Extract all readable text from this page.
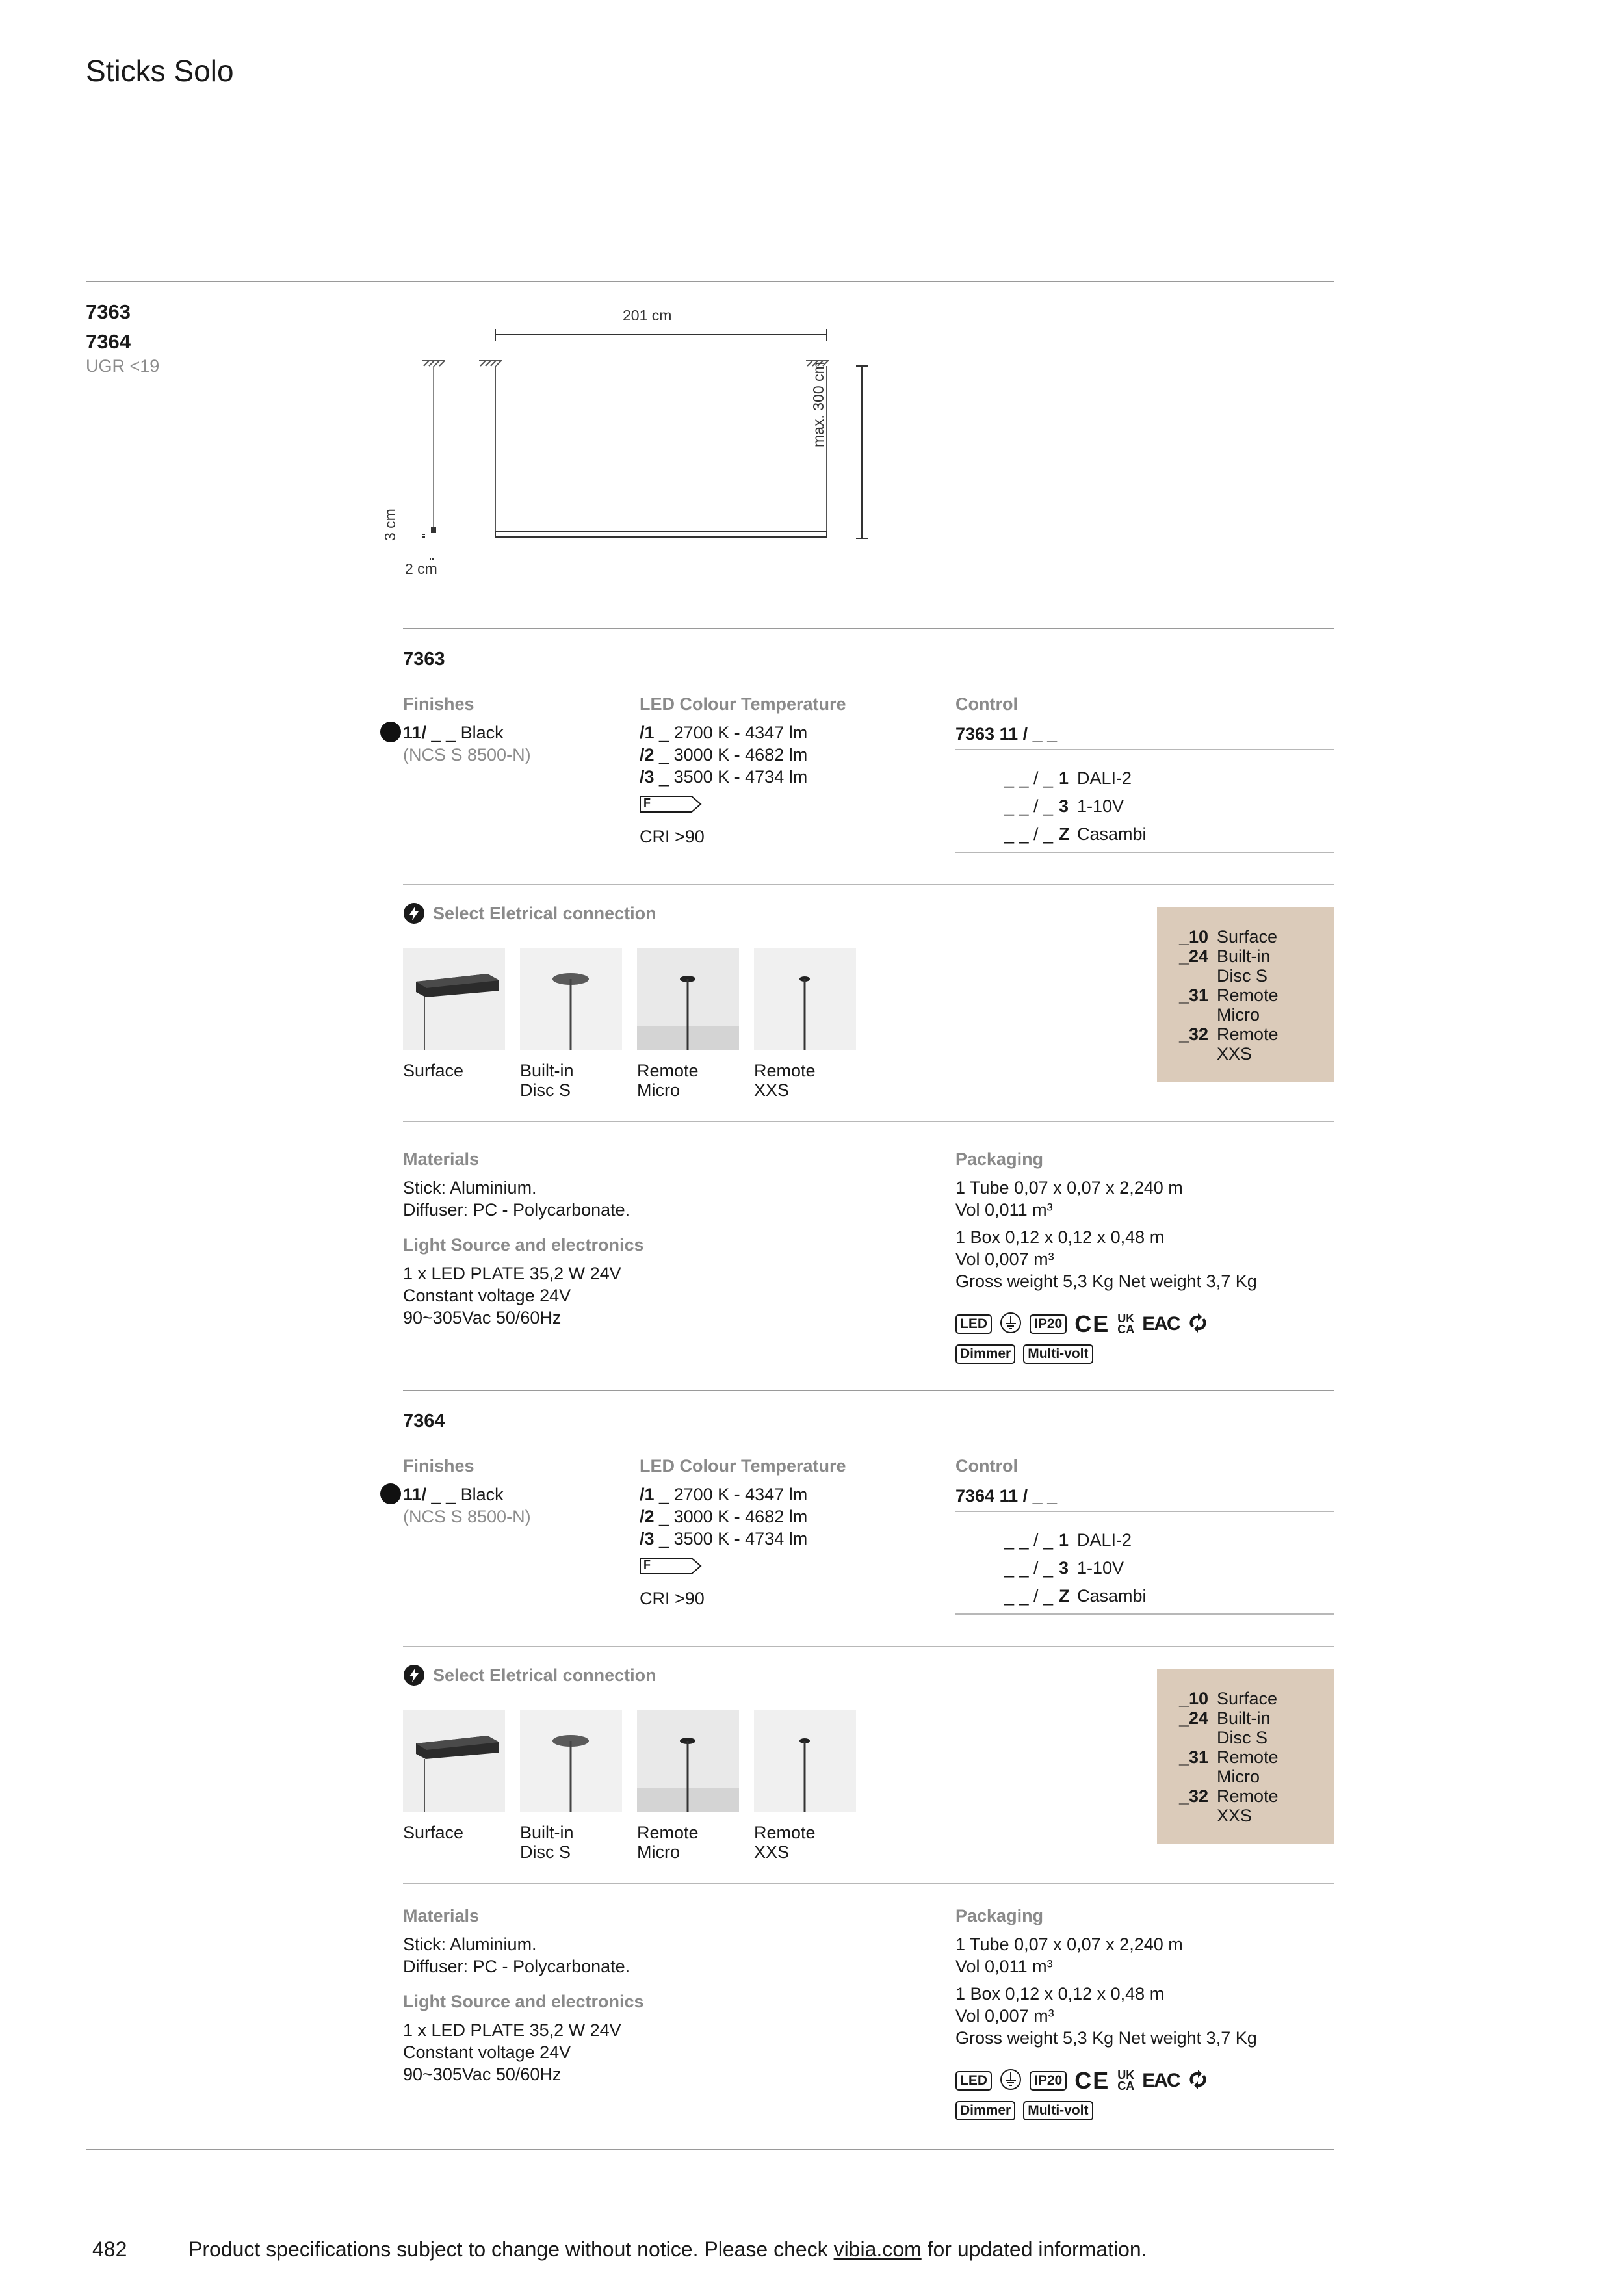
Sticks Solo
7363
7364
UGR <19
201 cm
max. 300 cm
3 cm
2 cm
7363
Finishes
11/ _ _ Black
(NCS S 8500-N)
LED Colour Temperature
/1 _ 2700 K - 4347 lm
/2 _ 3000 K - 4682 lm
/3 _ 3500 K - 4734 lm
F
CRI >90
Control
7363 11 / _ _
_ _ / _ 1 DALI-2
_ _ / _ 3 1-10V
_ _ / _ Z Casambi
Select Eletrical connection
Surface	Built-in
Disc S
Remote
Micro
Remote
XXS
_10 Surface
_24 Built-in
Disc S
_31 Remote
Micro
_32 Remote
XXS
Materials
Stick: Aluminium.
Diffuser: PC - Polycarbonate.
Light Source and electronics
1 x LED PLATE 35,2 W 24V
Constant voltage 24V
90~305Vac 50/60Hz
Packaging
1 Tube 0,07 x 0,07 x 2,240 m
Vol 0,011 m³
1 Box 0,12 x 0,12 x 0,48 m
Vol 0,007 m³
Gross weight 5,3 Kg Net weight 3,7 Kg
LED	IP20 CE UK
CA EAC
Dimmer	Multi-volt
7364
Finishes
11/ _ _ Black
(NCS S 8500-N)
LED Colour Temperature
/1 _ 2700 K - 4347 lm
/2 _ 3000 K - 4682 lm
/3 _ 3500 K - 4734 lm
F
CRI >90
Control
7364 11 / _ _
_ _ / _ 1 DALI-2
_ _ / _ 3 1-10V
_ _ / _ Z Casambi
Select Eletrical connection
Surface	Built-in
Disc S
Remote
Micro
Remote
XXS
_10 Surface
_24 Built-in
Disc S
_31 Remote
Micro
_32 Remote
XXS
Materials
Stick: Aluminium.
Diffuser: PC - Polycarbonate.
Light Source and electronics
1 x LED PLATE 35,2 W 24V
Constant voltage 24V
90~305Vac 50/60Hz
Packaging
1 Tube 0,07 x 0,07 x 2,240 m
Vol 0,011 m³
1 Box 0,12 x 0,12 x 0,48 m
Vol 0,007 m³
Gross weight 5,3 Kg Net weight 3,7 Kg
LED	IP20 CE UK
CA EAC
Dimmer	Multi-volt
482	Product specifications subject to change without notice. Please check vibia.com for updated information.
